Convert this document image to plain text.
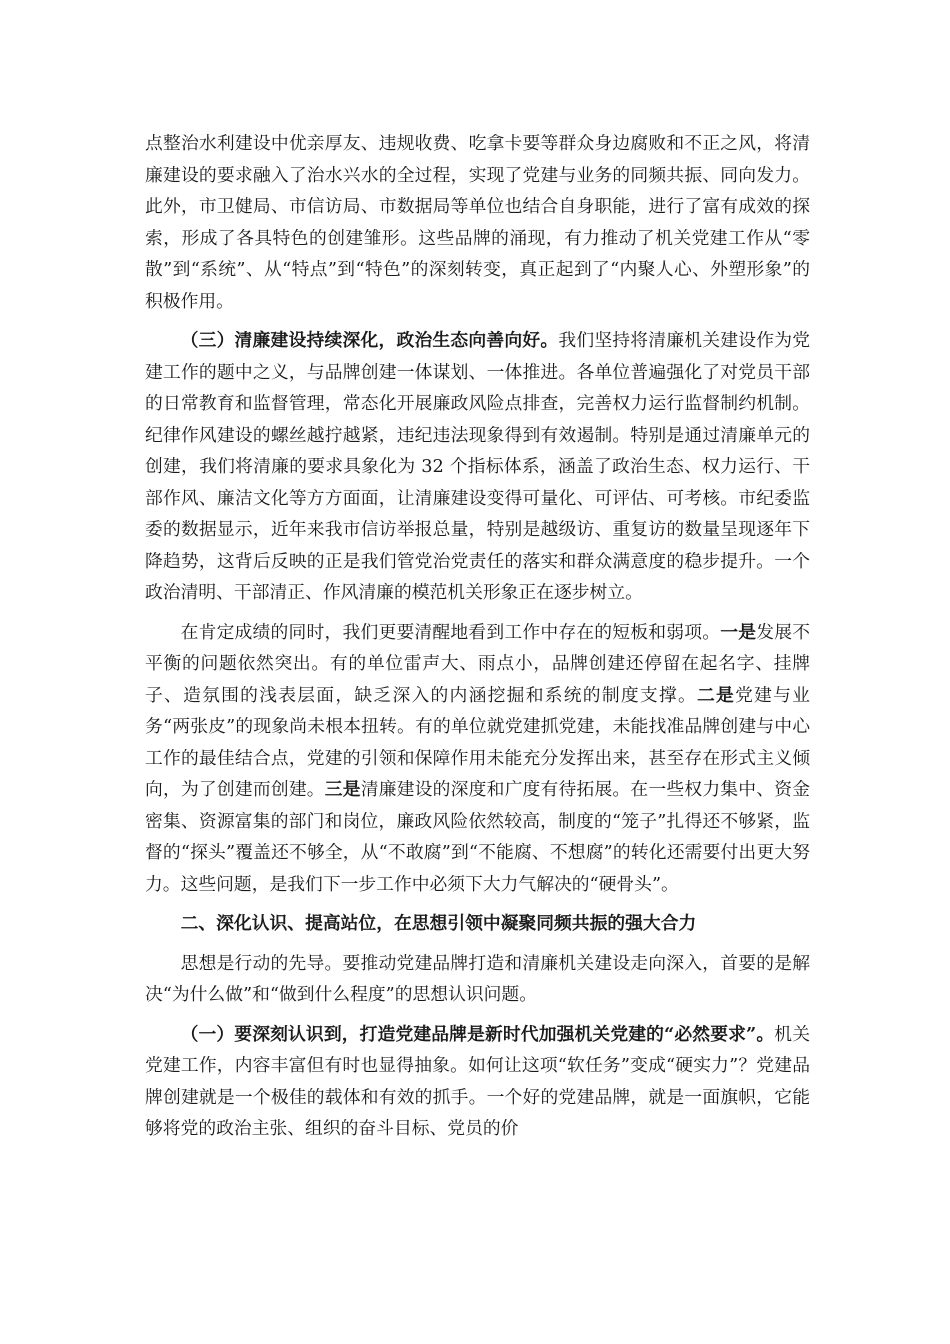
点整治水利建设中优亲厚友、违规收费、吃拿卡要等群众身边腐败和不正之风，将清廉建设的要求融入了治水兴水的全过程，实现了党建与业务的同频共振、同向发力。此外，市卫健局、市信访局、市数据局等单位也结合自身职能，进行了富有成效的探索，形成了各具特色的创建雏形。这些品牌的涌现，有力推动了机关党建工作从“零散”到“系统”、从“特点”到“特色”的深刻转变，真正起到了“内聚人心、外塑形象”的积极作用。

（三）清廉建设持续深化，政治生态向善向好。我们坚持将清廉机关建设作为党建工作的题中之义，与品牌创建一体谋划、一体推进。各单位普遍强化了对党员干部的日常教育和监督管理，常态化开展廉政风险点排查，完善权力运行监督制约机制。纪律作风建设的螺丝越拧越紧，违纪违法现象得到有效遏制。特别是通过清廉单元的创建，我们将清廉的要求具象化为 32 个指标体系，涵盖了政治生态、权力运行、干部作风、廉洁文化等方方面面，让清廉建设变得可量化、可评估、可考核。市纪委监委的数据显示，近年来我市信访举报总量，特别是越级访、重复访的数量呈现逐年下降趋势，这背后反映的正是我们管党治党责任的落实和群众满意度的稳步提升。一个政治清明、干部清正、作风清廉的模范机关形象正在逐步树立。

在肯定成绩的同时，我们更要清醒地看到工作中存在的短板和弱项。一是发展不平衡的问题依然突出。有的单位雷声大、雨点小，品牌创建还停留在起名字、挂牌子、造氛围的浅表层面，缺乏深入的内涵挖掘和系统的制度支撑。二是党建与业务“两张皮”的现象尚未根本扭转。有的单位就党建抓党建，未能找准品牌创建与中心工作的最佳结合点，党建的引领和保障作用未能充分发挥出来，甚至存在形式主义倾向，为了创建而创建。三是清廉建设的深度和广度有待拓展。在一些权力集中、资金密集、资源富集的部门和岗位，廉政风险依然较高，制度的“笼子”扎得还不够紧，监督的“探头”覆盖还不够全，从“不敢腐”到“不能腐、不想腐”的转化还需要付出更大努力。这些问题，是我们下一步工作中必须下大力气解决的“硬骨头”。

二、深化认识、提高站位，在思想引领中凝聚同频共振的强大合力

思想是行动的先导。要推动党建品牌打造和清廉机关建设走向深入，首要的是解决“为什么做”和“做到什么程度”的思想认识问题。

（一）要深刻认识到，打造党建品牌是新时代加强机关党建的“必然要求”。机关党建工作，内容丰富但有时也显得抽象。如何让这项“软任务”变成“硬实力”？党建品牌创建就是一个极佳的载体和有效的抓手。一个好的党建品牌，就是一面旗帜，它能够将党的政治主张、组织的奋斗目标、党员的价
